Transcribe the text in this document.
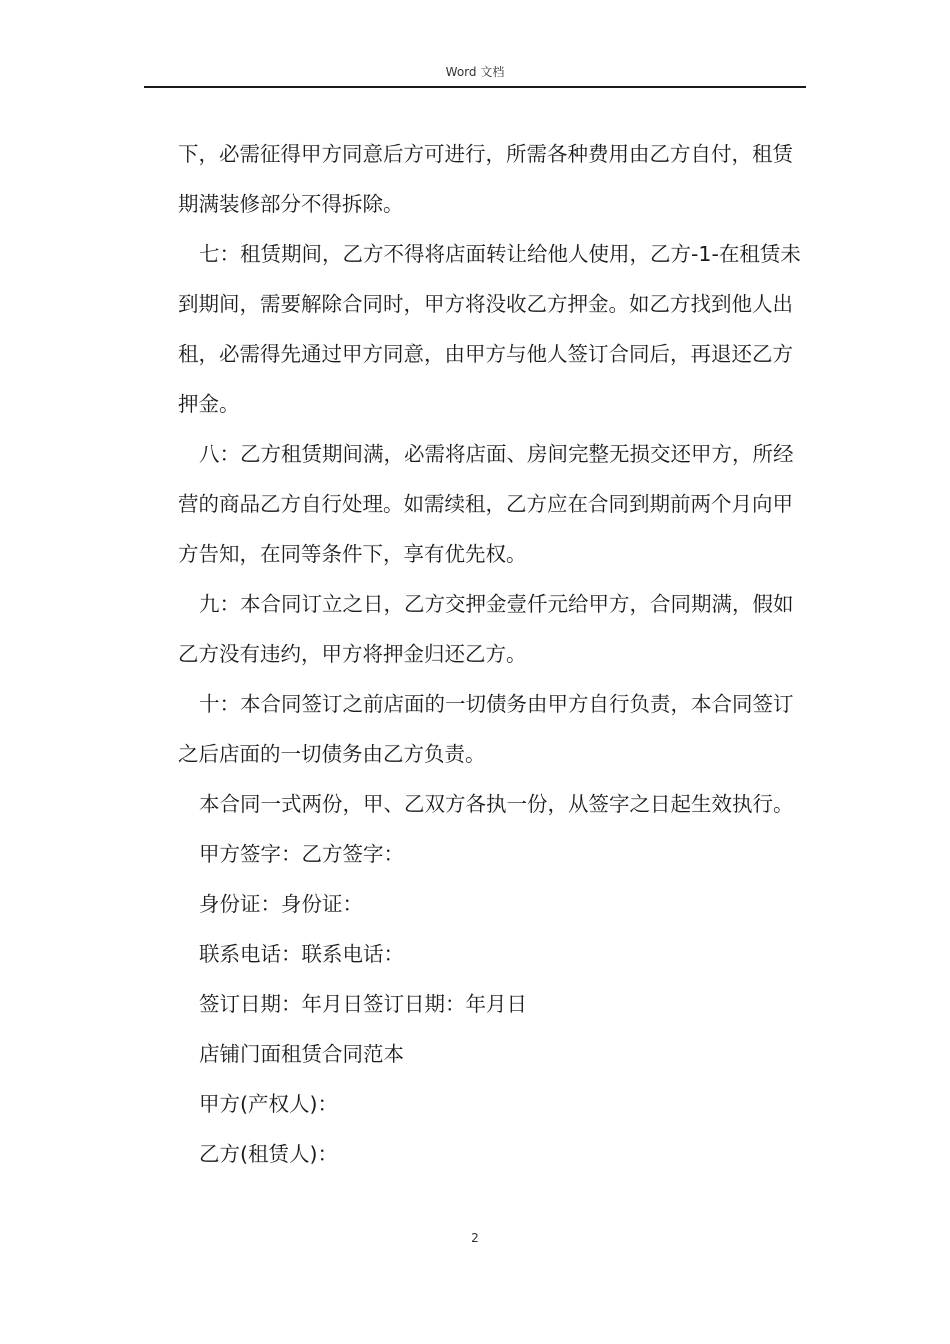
Word 文档

下，必需征得甲方同意后方可进行，所需各种费用由乙方自付，租赁期满装修部分不得拆除。

七：租赁期间，乙方不得将店面转让给他人使用，乙方-1-在租赁未到期间，需要解除合同时，甲方将没收乙方押金。如乙方找到他人出租，必需得先通过甲方同意，由甲方与他人签订合同后，再退还乙方押金。

八：乙方租赁期间满，必需将店面、房间完整无损交还甲方，所经营的商品乙方自行处理。如需续租，乙方应在合同到期前两个月向甲方告知，在同等条件下，享有优先权。

九：本合同订立之日，乙方交押金壹仟元给甲方，合同期满，假如乙方没有违约，甲方将押金归还乙方。

十：本合同签订之前店面的一切债务由甲方自行负责，本合同签订之后店面的一切债务由乙方负责。

本合同一式两份，甲、乙双方各执一份，从签字之日起生效执行。

甲方签字：乙方签字：

身份证：身份证：

联系电话：联系电话：

签订日期：年月日签订日期：年月日

店铺门面租赁合同范本

甲方(产权人)：

乙方(租赁人)：

2
